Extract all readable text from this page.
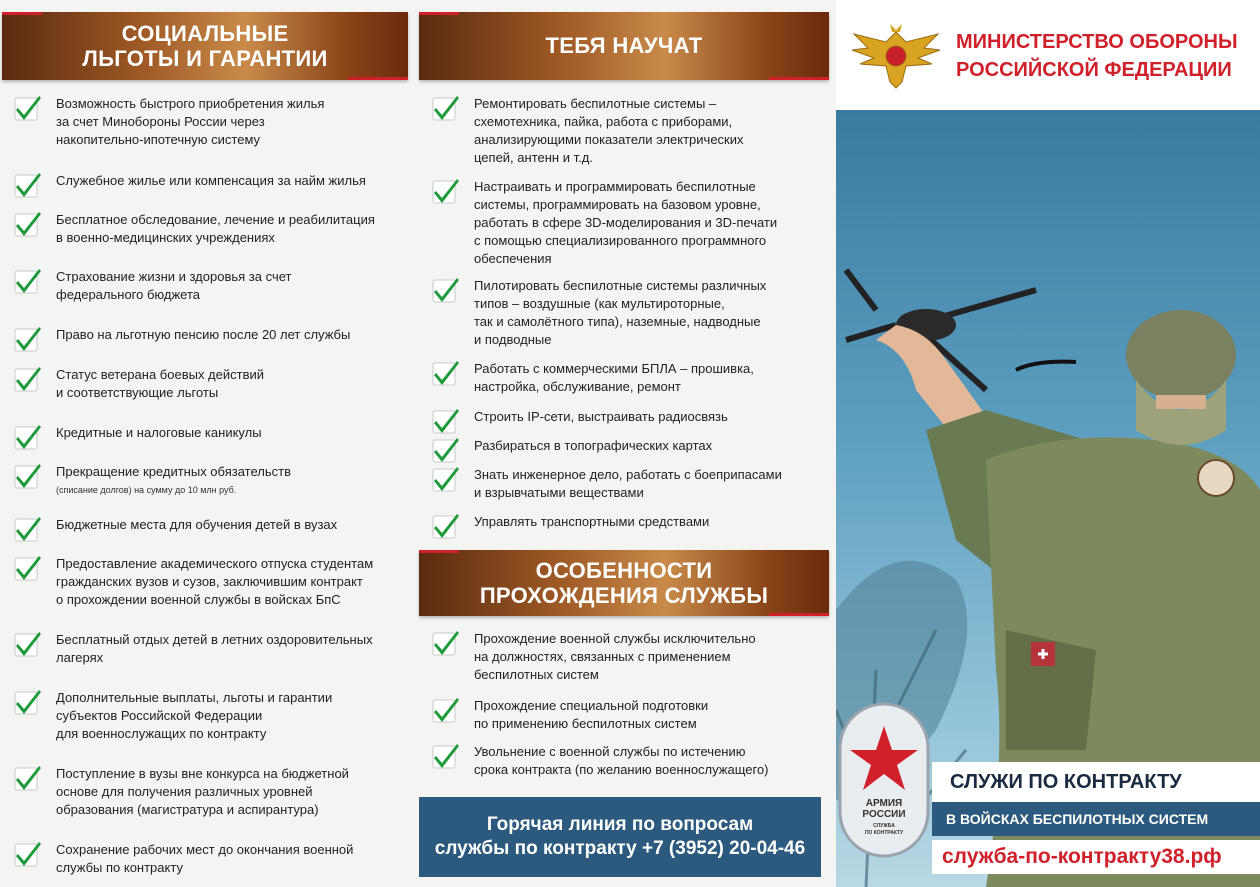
СОЦИАЛЬНЫЕ
ЛЬГОТЫ И ГАРАНТИИ
Возможность быстрого приобретения жилья
за счет Минобороны России через
накопительно-ипотечную систему
Служебное жилье или компенсация за найм жилья
Бесплатное обследование, лечение и реабилитация
в военно-медицинских учреждениях
Страхование жизни и здоровья за счет
федерального бюджета
Право на льготную пенсию после 20 лет службы
Статус ветерана боевых действий
и соответствующие льготы
Кредитные и налоговые каникулы
Прекращение кредитных обязательств
(списание долгов) на сумму до 10 млн руб.
Бюджетные места для обучения детей в вузах
Предоставление академического отпуска студентам
гражданских вузов и сузов, заключившим контракт
о прохождении военной службы в войсках БпС
Бесплатный отдых детей в летних оздоровительных
лагерях
Дополнительные выплаты, льготы и гарантии
субъектов Российской Федерации
для военнослужащих по контракту
Поступление в вузы вне конкурса на бюджетной
основе для получения различных уровней
образования (магистратура и аспирантура)
Сохранение рабочих мест до окончания военной
службы по контракту
ТЕБЯ НАУЧАТ
Ремонтировать беспилотные системы –
схемотехника, пайка, работа с приборами,
анализирующими показатели электрических
цепей, антенн и т.д.
Настраивать и программировать беспилотные
системы, программировать на базовом уровне,
работать в сфере 3D-моделирования и 3D-печати
с помощью специализированного программного
обеспечения
Пилотировать беспилотные системы различных
типов – воздушные (как мультироторные,
так и самолётного типа), наземные, надводные
и подводные
Работать с коммерческими БПЛА – прошивка,
настройка, обслуживание, ремонт
Строить IP-сети, выстраивать радиосвязь
Разбираться в топографических картах
Знать инженерное дело, работать с боеприпасами
и взрывчатыми веществами
Управлять транспортными средствами
ОСОБЕННОСТИ
ПРОХОЖДЕНИЯ СЛУЖБЫ
Прохождение военной службы исключительно
на должностях, связанных с применением
беспилотных систем
Прохождение специальной подготовки
по применению беспилотных систем
Увольнение с военной службы по истечению
срока контракта (по желанию военнослужащего)
Горячая линия по вопросам
службы по контракту +7 (3952) 20-04-46
МИНИСТЕРСТВО ОБОРОНЫ
РОССИЙСКОЙ ФЕДЕРАЦИИ
АРМИЯ
РОССИИ
СЛУЖБА
ПО КОНТРАКТУ
СЛУЖИ ПО КОНТРАКТУ
В ВОЙСКАХ БЕСПИЛОТНЫХ СИСТЕМ
служба-по-контракту38.рф
